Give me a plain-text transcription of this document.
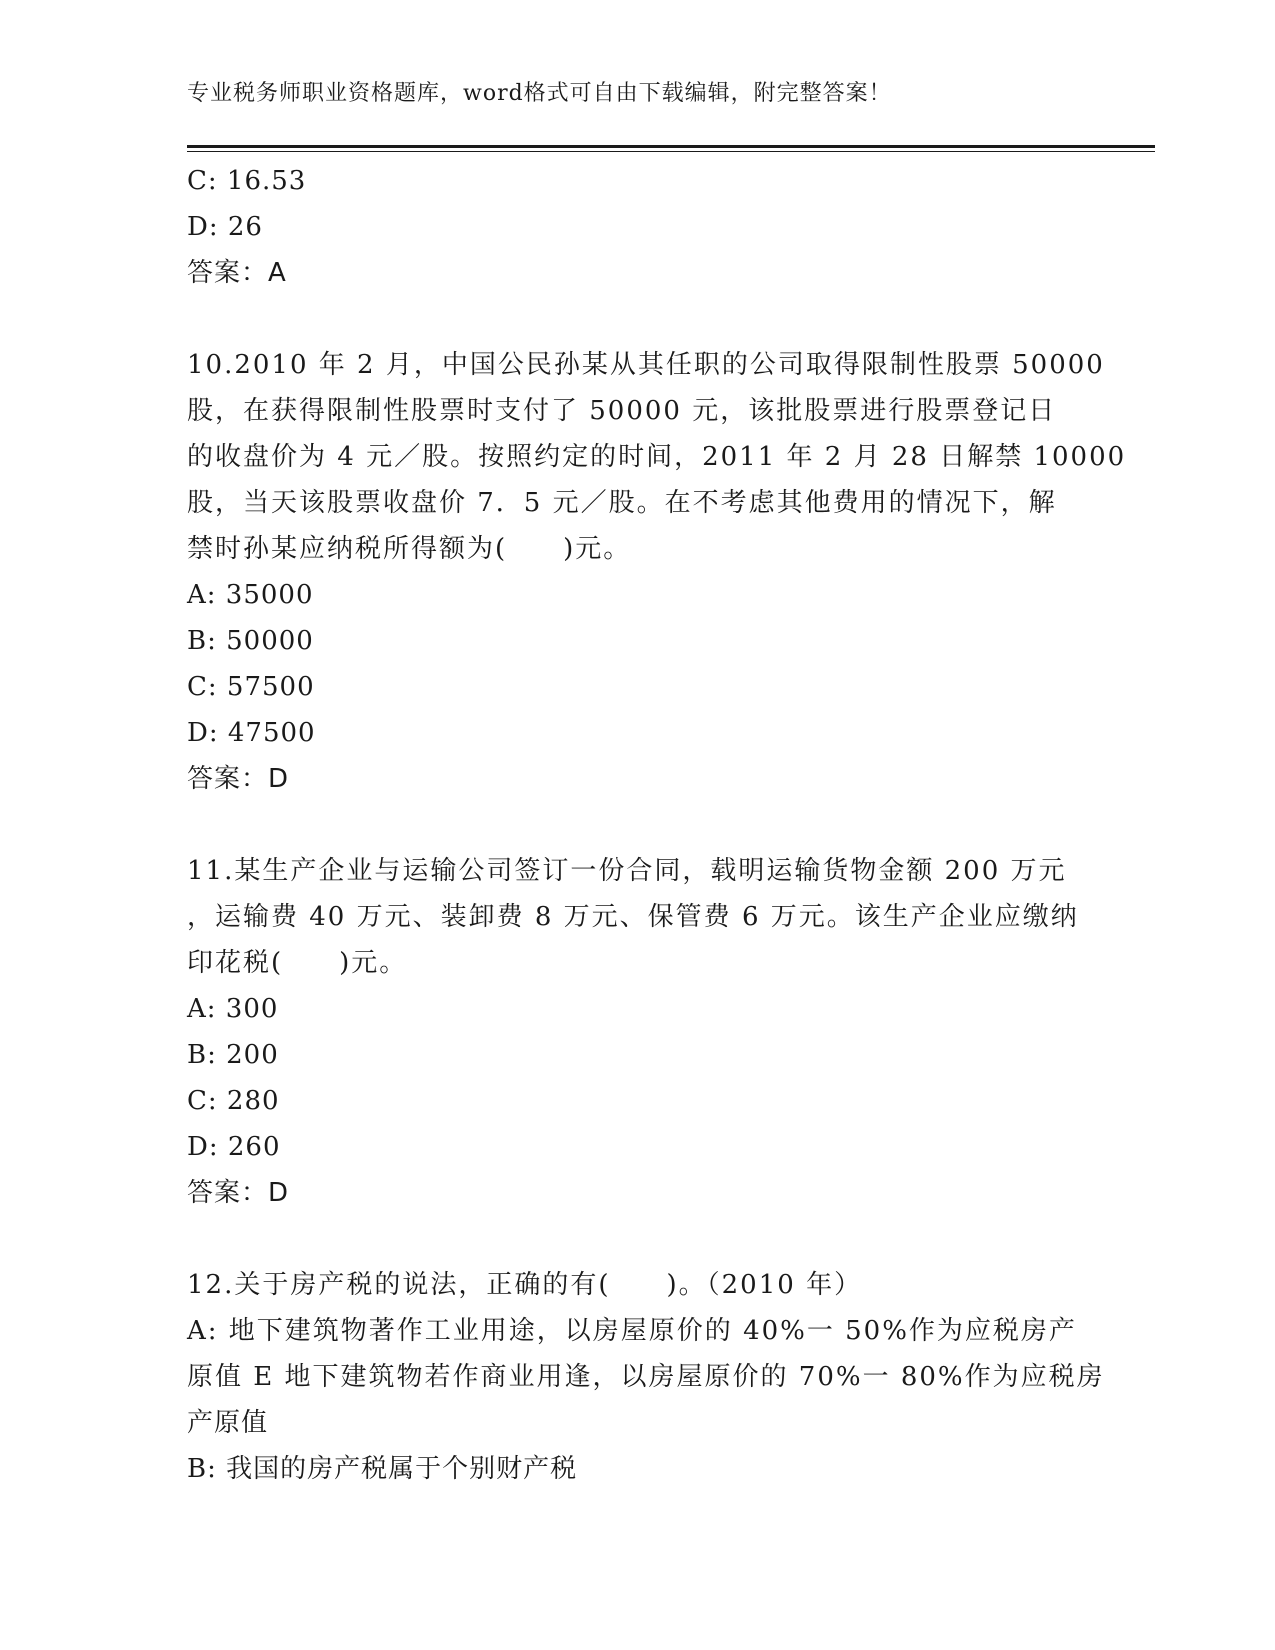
专业税务师职业资格题库，word格式可自由下载编辑，附完整答案！
C: 16.53
D: 26
答案：A
10.2010 年 2 月，中国公民孙某从其任职的公司取得限制性股票 50000
股，在获得限制性股票时支付了 50000 元，该批股票进行股票登记日
的收盘价为 4 元／股。按照约定的时间，2011 年 2 月 28 日解禁 10000
股，当天该股票收盘价 7．5 元／股。在不考虑其他费用的情况下，解
禁时孙某应纳税所得额为(　　)元。
A: 35000
B: 50000
C: 57500
D: 47500
答案：D
11.某生产企业与运输公司签订一份合同，载明运输货物金额 200 万元
，运输费 40 万元、装卸费 8 万元、保管费 6 万元。该生产企业应缴纳
印花税(　　)元。
A: 300
B: 200
C: 280
D: 260
答案：D
12.关于房产税的说法，正确的有(　　)。（2010 年）
A: 地下建筑物著作工业用途，以房屋原价的 40%一 50%作为应税房产
原值 E 地下建筑物若作商业用逢，以房屋原价的 70%一 80%作为应税房
产原值
B: 我国的房产税属于个别财产税
